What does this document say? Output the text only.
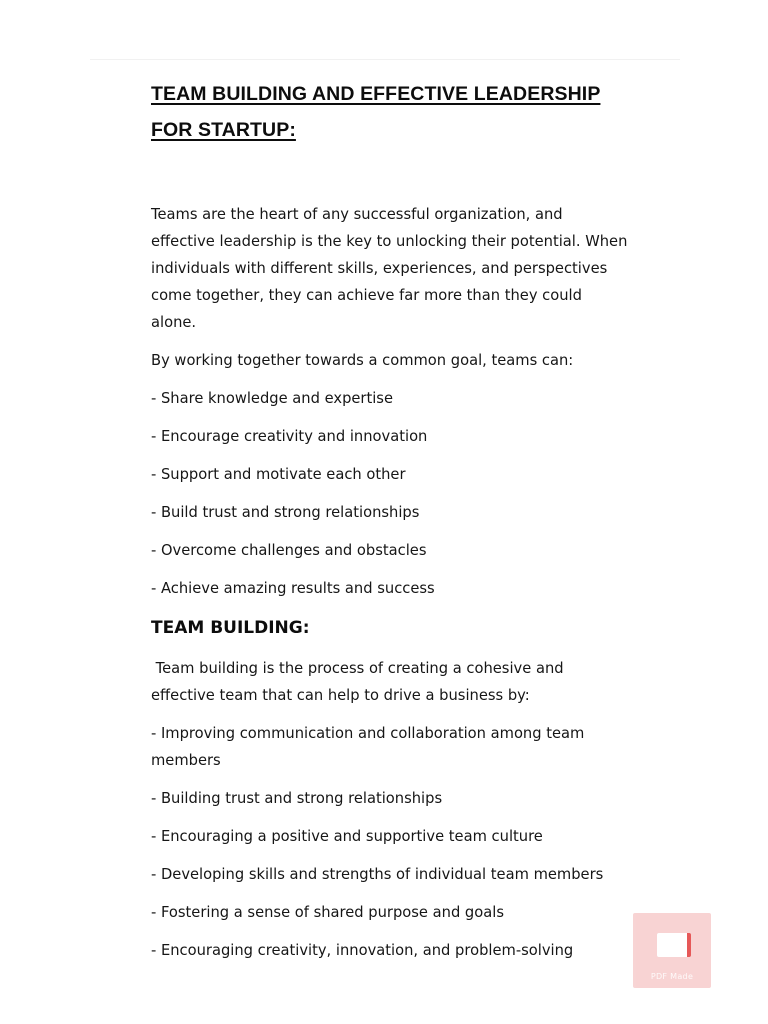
TEAM BUILDING AND EFFECTIVE LEADERSHIP
FOR STARTUP:

Teams are the heart of any successful organization, and effective leadership is the key to unlocking their potential. When individuals with different skills, experiences, and perspectives come together, they can achieve far more than they could alone.

By working together towards a common goal, teams can:

- Share knowledge and expertise
- Encourage creativity and innovation
- Support and motivate each other
- Build trust and strong relationships
- Overcome challenges and obstacles
- Achieve amazing results and success
TEAM BUILDING:

Team building is the process of creating a cohesive and effective team that can help to drive a business by:

- Improving communication and collaboration among team members
- Building trust and strong relationships
- Encouraging a positive and supportive team culture
- Developing skills and strengths of individual team members
- Fostering a sense of shared purpose and goals
- Encouraging creativity, innovation, and problem-solving
PDF Made
